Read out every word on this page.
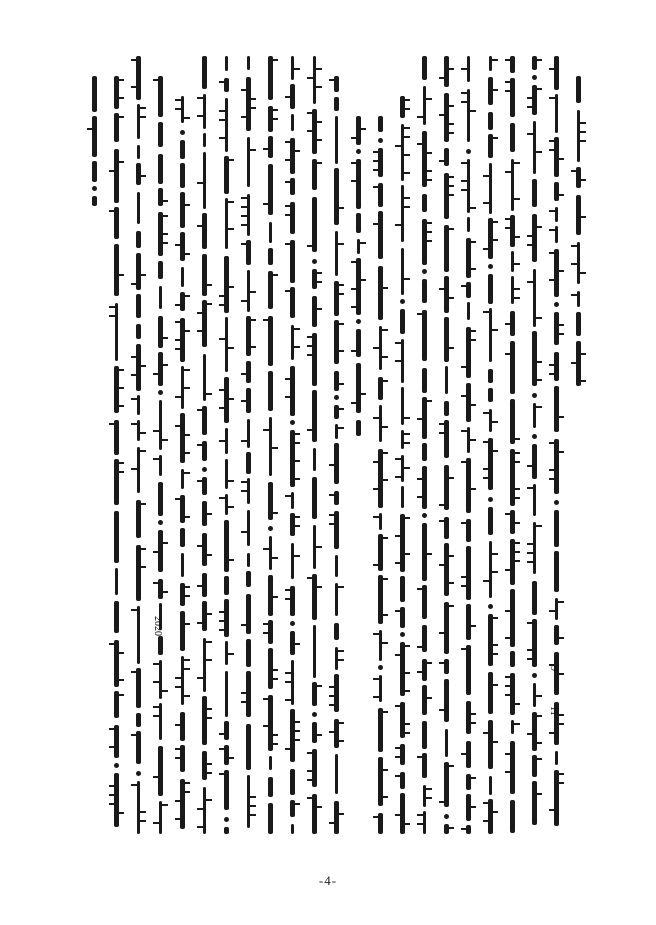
2020
9
11
-4-
